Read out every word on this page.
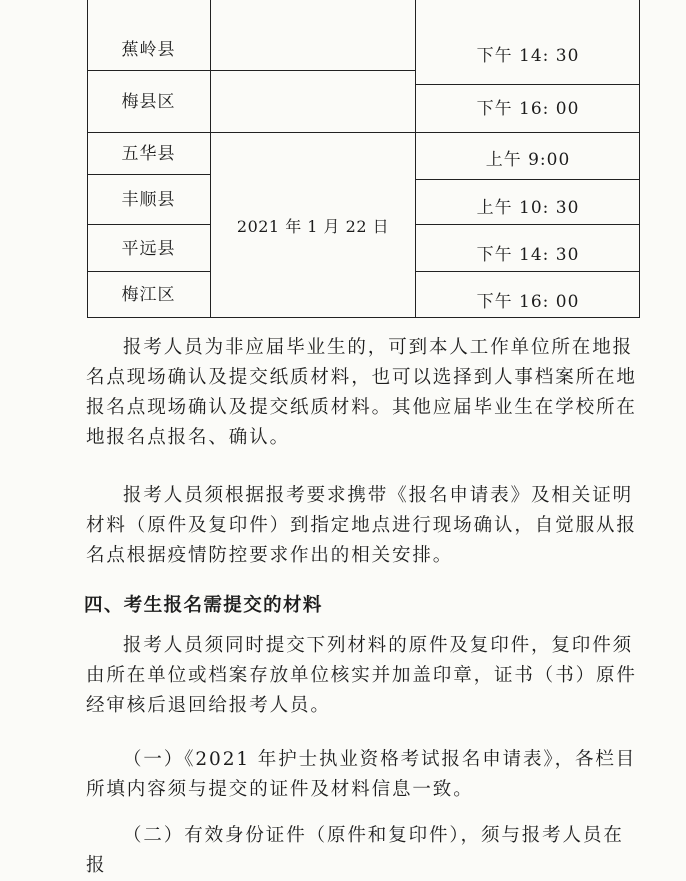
蕉岭县
梅县区
五华县
丰顺县
平远县
梅江区
2021 年 1 月 22 日
下午 14: 30
下午 16: 00
上午 9:00
上午 10: 30
下午 14: 30
下午 16: 00

报考人员为非应届毕业生的，可到本人工作单位所在地报名点现场确认及提交纸质材料，也可以选择到人事档案所在地报名点现场确认及提交纸质材料。其他应届毕业生在学校所在地报名点报名、确认。

报考人员须根据报考要求携带《报名申请表》及相关证明材料（原件及复印件）到指定地点进行现场确认，自觉服从报名点根据疫情防控要求作出的相关安排。

四、考生报名需提交的材料

报考人员须同时提交下列材料的原件及复印件，复印件须由所在单位或档案存放单位核实并加盖印章，证书（书）原件经审核后退回给报考人员。

（一）《2021 年护士执业资格考试报名申请表》，各栏目所填内容须与提交的证件及材料信息一致。

（二）有效身份证件（原件和复印件），须与报考人员在报
